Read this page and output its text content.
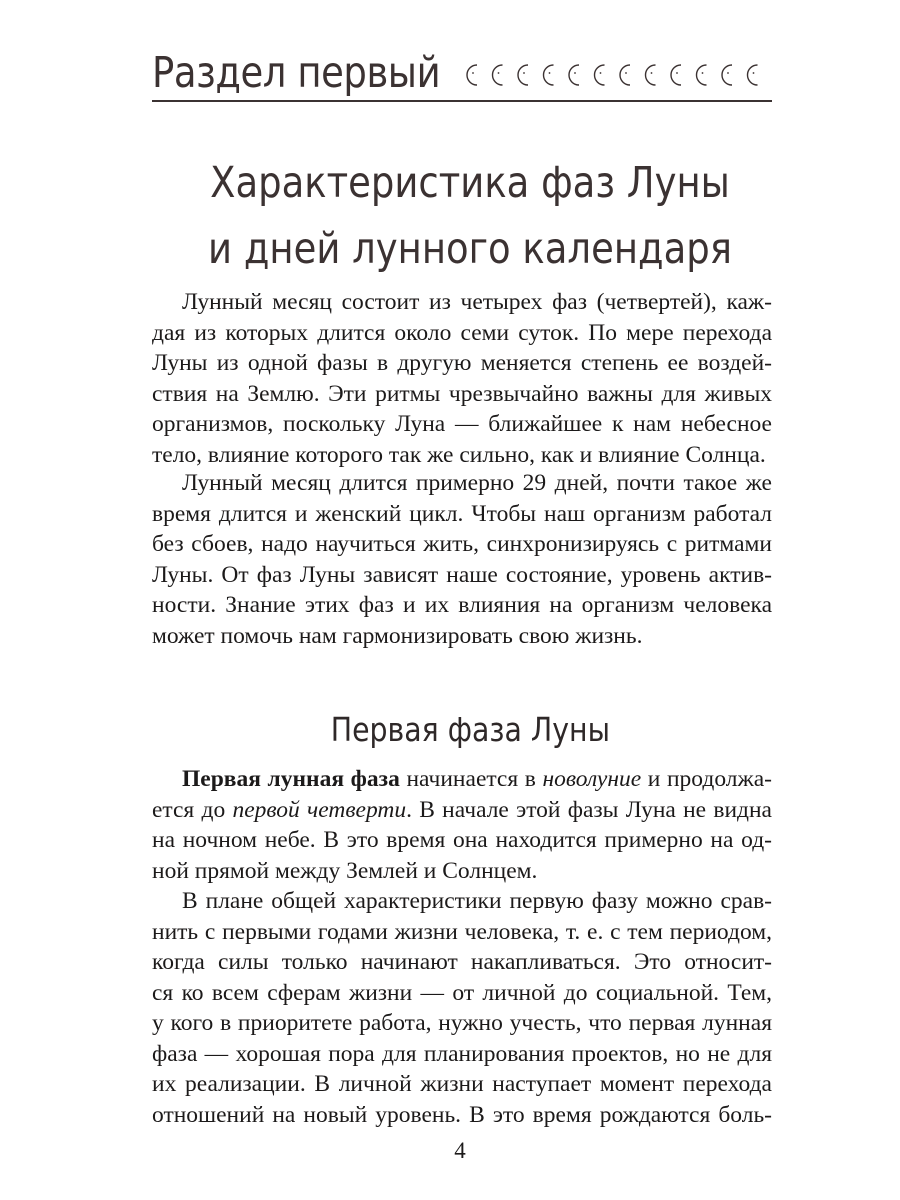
Раздел первый
Характеристика фаз Луны
и дней лунного календаря
Лунный месяц состоит из четырех фаз (четвертей), каж-
дая из которых длится около семи суток. По мере перехода
Луны из одной фазы в другую меняется степень ее воздей-
ствия на Землю. Эти ритмы чрезвычайно важны для живых
организмов, поскольку Луна — ближайшее к нам небесное
тело, влияние которого так же сильно, как и влияние Солнца.
Лунный месяц длится примерно 29 дней, почти такое же
время длится и женский цикл. Чтобы наш организм работал
без сбоев, надо научиться жить, синхронизируясь с ритмами
Луны. От фаз Луны зависят наше состояние, уровень актив-
ности. Знание этих фаз и их влияния на организм человека
может помочь нам гармонизировать свою жизнь.
Первая фаза Луны
Первая лунная фаза начинается в новолуние и продолжа-
ется до первой четверти. В начале этой фазы Луна не видна
на ночном небе. В это время она находится примерно на од-
ной прямой между Землей и Солнцем.
В плане общей характеристики первую фазу можно срав-
нить с первыми годами жизни человека, т. е. с тем периодом,
когда силы только начинают накапливаться. Это относит-
ся ко всем сферам жизни — от личной до социальной. Тем,
у кого в приоритете работа, нужно учесть, что первая лунная
фаза — хорошая пора для планирования проектов, но не для
их реализации. В личной жизни наступает момент перехода
отношений на новый уровень. В это время рождаются боль-
4
